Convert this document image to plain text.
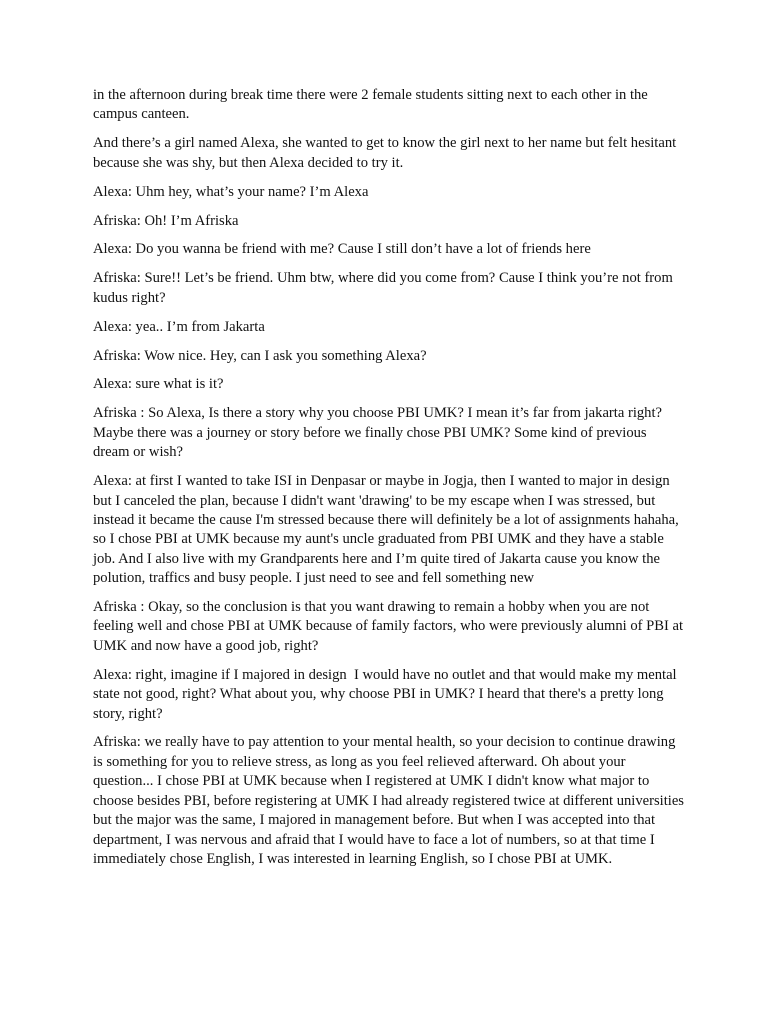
in the afternoon during break time there were 2 female students sitting next to each other in the campus canteen.

And there’s a girl named Alexa, she wanted to get to know the girl next to her name but felt hesitant because she was shy, but then Alexa decided to try it.

Alexa: Uhm hey, what’s your name? I’m Alexa

Afriska: Oh! I’m Afriska

Alexa: Do you wanna be friend with me? Cause I still don’t have a lot of friends here

Afriska: Sure!! Let’s be friend. Uhm btw, where did you come from? Cause I think you’re not from kudus right?

Alexa: yea.. I’m from Jakarta

Afriska: Wow nice. Hey, can I ask you something Alexa?

Alexa: sure what is it?

Afriska : So Alexa, Is there a story why you choose PBI UMK? I mean it’s far from jakarta right?  Maybe there was a journey or story before we finally chose PBI UMK? Some kind of previous dream or wish?

Alexa: at first I wanted to take ISI in Denpasar or maybe in Jogja, then I wanted to major in design but I canceled the plan, because I didn't want 'drawing' to be my escape when I was stressed, but instead it became the cause I'm stressed because there will definitely be a lot of assignments hahaha, so I chose PBI at UMK because my aunt's uncle graduated from PBI UMK and they have a stable job. And I also live with my Grandparents here and I’m quite tired of Jakarta cause you know the polution, traffics and busy people. I just need to see and fell something new

Afriska : Okay, so the conclusion is that you want drawing to remain a hobby when you are not feeling well and chose PBI at UMK because of family factors, who were previously alumni of PBI at UMK and now have a good job, right?

Alexa: right, imagine if I majored in design  I would have no outlet and that would make my mental state not good, right? What about you, why choose PBI in UMK? I heard that there's a pretty long story, right?

Afriska: we really have to pay attention to your mental health, so your decision to continue drawing is something for you to relieve stress, as long as you feel relieved afterward. Oh about your question... I chose PBI at UMK because when I registered at UMK I didn't know what major to choose besides PBI, before registering at UMK I had already registered twice at different universities but the major was the same, I majored in management before. But when I was accepted into that department, I was nervous and afraid that I would have to face a lot of numbers, so at that time I immediately chose English, I was interested in learning English, so I chose PBI at UMK.
